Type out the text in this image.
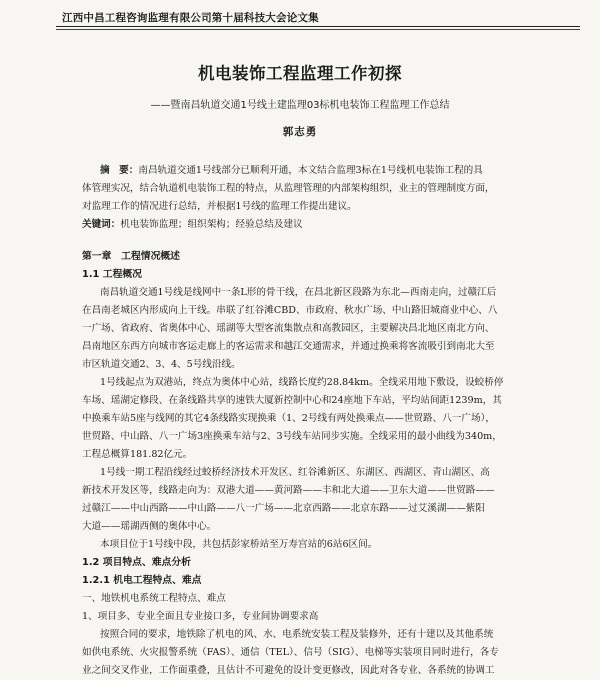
江西中昌工程咨询监理有限公司第十届科技大会论文集
机电装饰工程监理工作初探
——暨南昌轨道交通1号线土建监理03标机电装饰工程监理工作总结
郭志勇
摘　要：南昌轨道交通1号线部分已顺利开通，本文结合监理3标在1号线机电装饰工程的具
体管理实况，结合轨道机电装饰工程的特点，从监理管理的内部架构组织，业主的管理制度方面，
对监理工作的情况进行总结，并根据1号线的监理工作提出建议。
关键词：机电装饰监理；组织架构；经验总结及建议
第一章　工程情况概述
1.1 工程概况
南昌轨道交通1号线是线网中一条L形的骨干线，在昌北新区段路为东北—西南走向，过赣江后
在昌南老城区内形成向上干线。串联了红谷滩CBD、市政府、秋水广场、中山路旧城商业中心、八
一广场、省政府、省奥体中心、瑶湖等大型客流集散点和高教园区，主要解决昌北地区南北方向、
昌南地区东西方向城市客运走廊上的客运需求和越江交通需求，并通过换乘将客流吸引到南北大至
市区轨道交通2、3、4、5号线沿线。
1号线起点为双港站，终点为奥体中心站，线路长度约28.84km。全线采用地下敷设，设蛟桥停
车场、瑶湖定修段、在条线路共享的速铁大厦新控制中心和24座地下车站，平均站间距1239m，其
中换乘车站5座与线网的其它4条线路实现换乘（1、2号线有两处换乘点——世贸路、八一广场），
世贸路、中山路、八一广场3座换乘车站与2、3号线车站同步实施。全线采用的最小曲线为340m，
工程总概算181.82亿元。
1号线一期工程沿线经过蛟桥经济技术开发区、红谷滩新区、东湖区、西湖区、青山湖区、高
新技术开发区等，线路走向为：双港大道——黄河路——丰和北大道——卫东大道——世贸路——
过赣江——中山西路——中山路——八一广场——北京西路——北京东路——过艾溪湖——紫阳
大道——瑶湖西侧的奥体中心。
本项目位于1号线中段，共包括彭家桥站至万寿宫站的6站6区间。
1.2 项目特点、难点分析
1.2.1 机电工程特点、难点
一、地铁机电系统工程特点、难点
1、项目多、专业全面且专业接口多，专业间协调要求高
按照合同的要求，地铁除了机电的风、水、电系统安装工程及装修外，还有十建以及其他系统
如供电系统、火灾报警系统（FAS）、通信（TEL）、信号（SIG）、电梯等实装项目同时进行，各专
业之间交叉作业，工作面重叠，且估计不可避免的设计变更修改，因此对各专业、各系统的协调工
